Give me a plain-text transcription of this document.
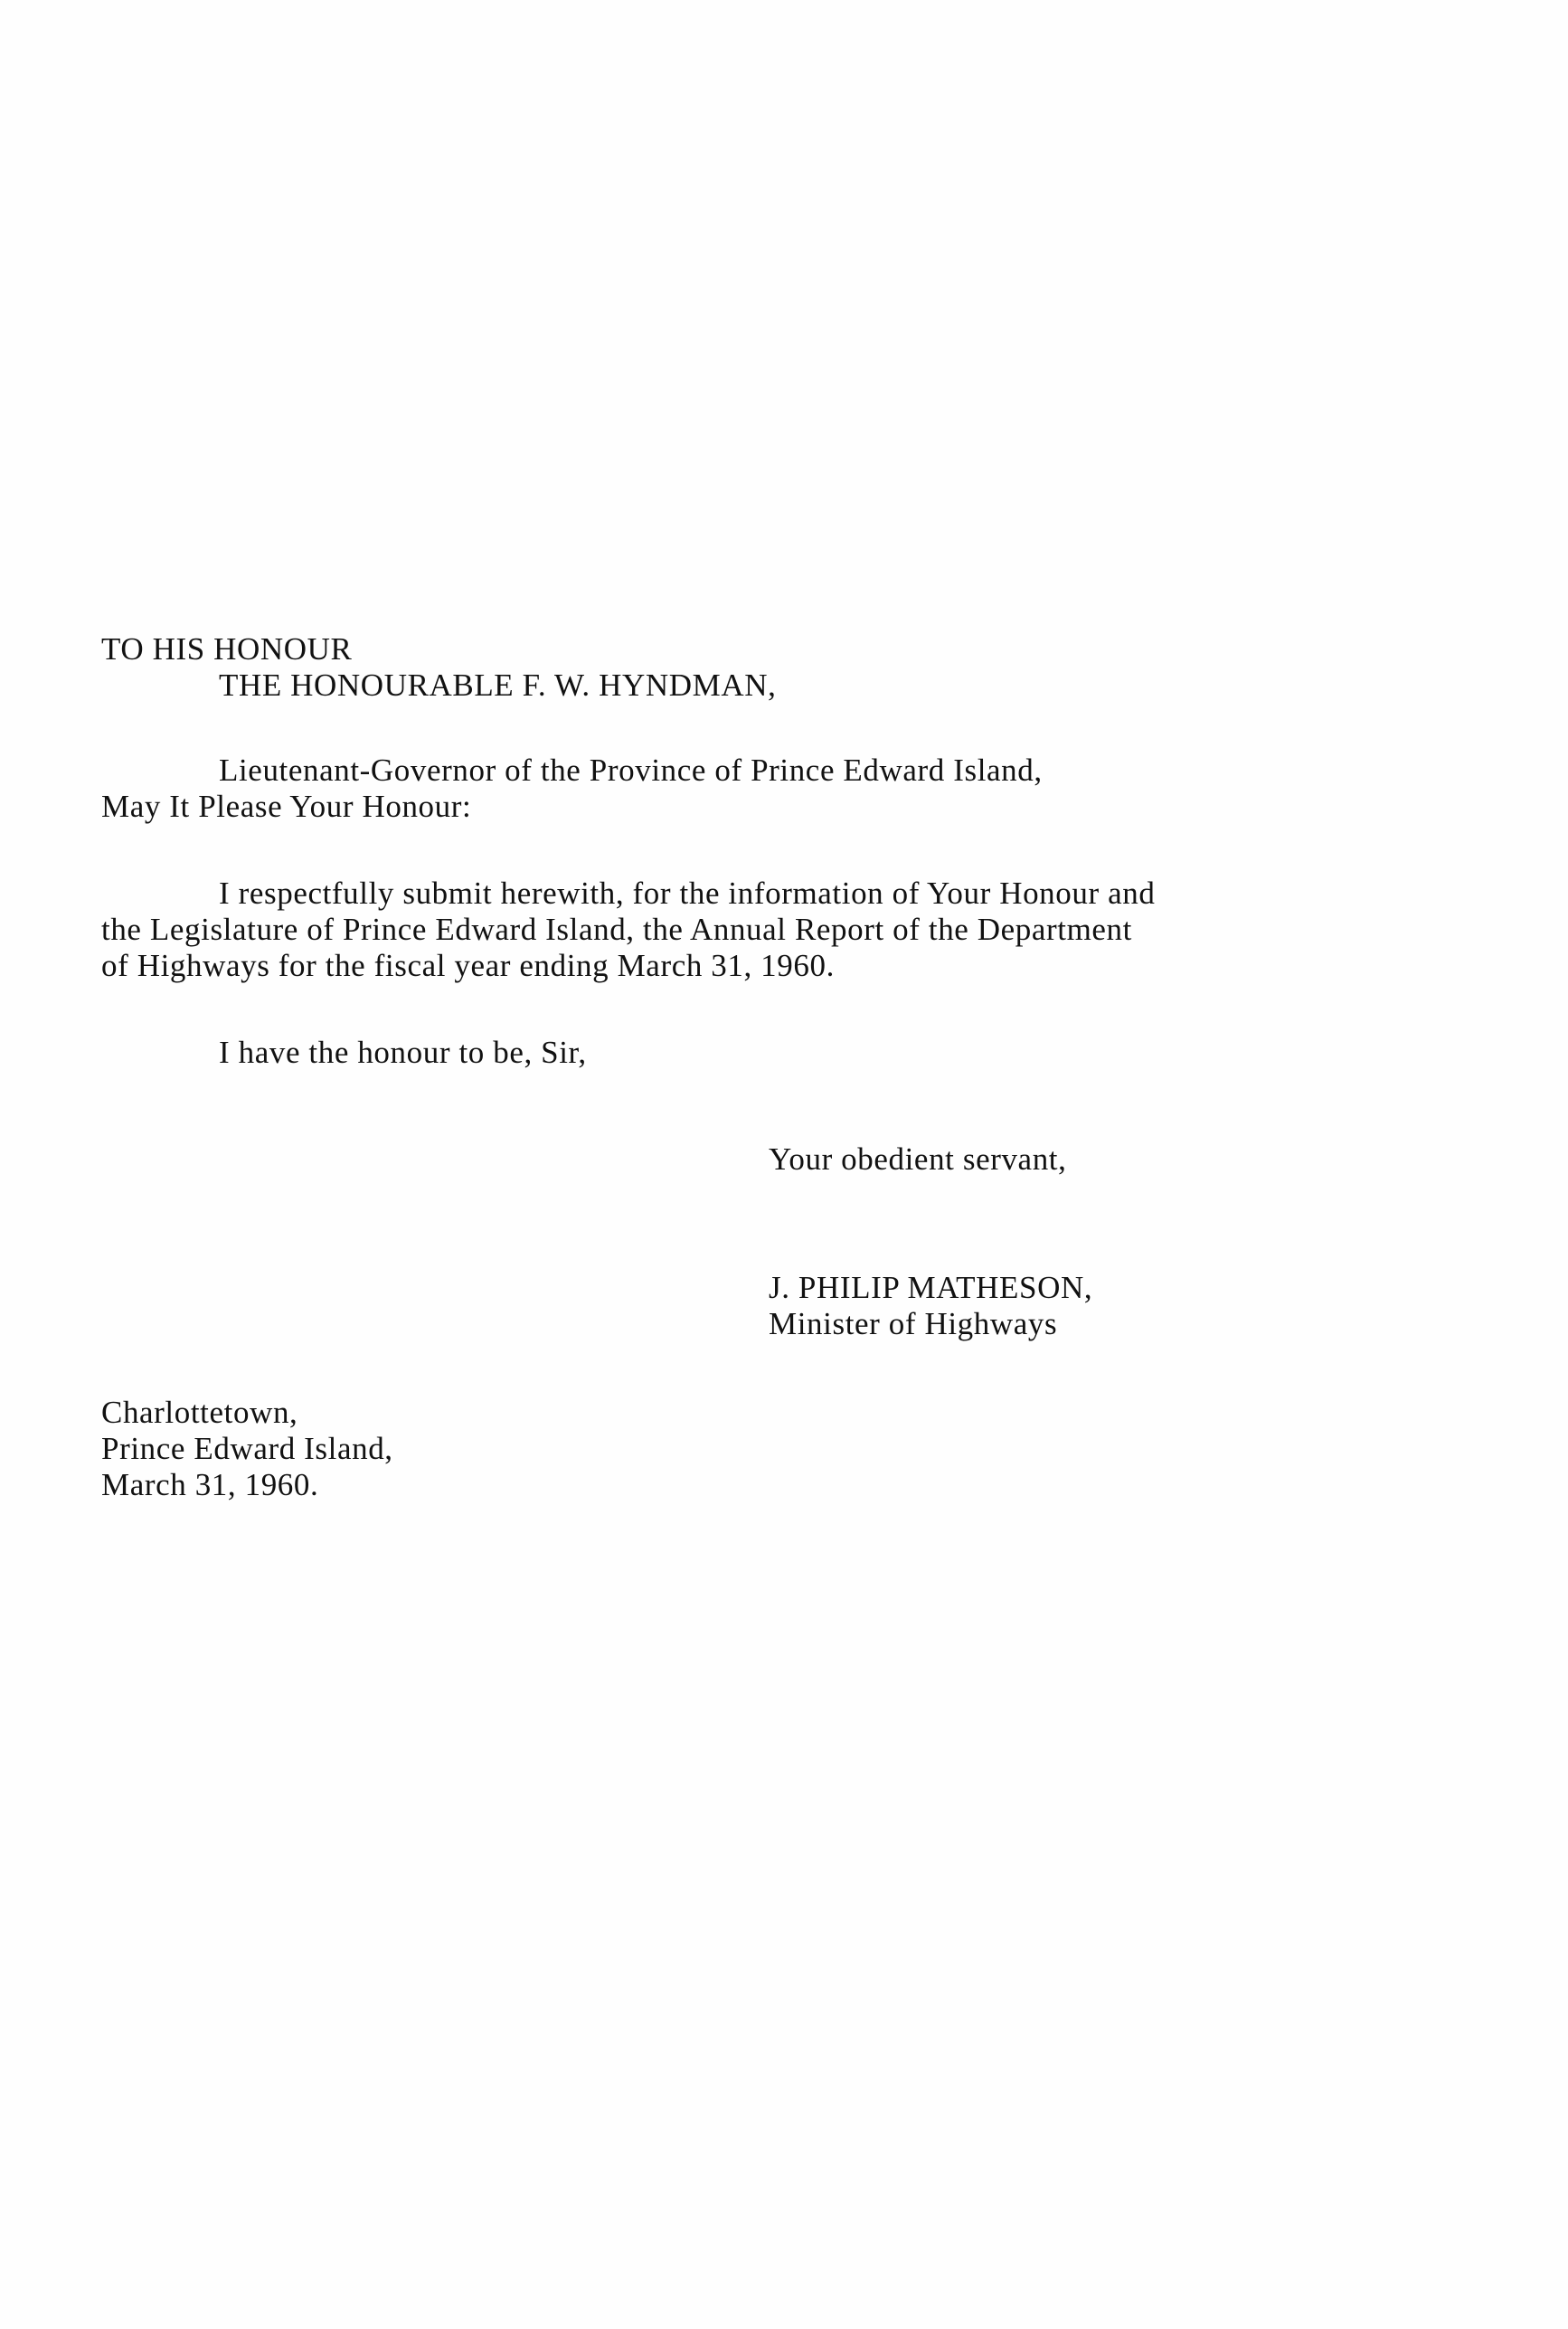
TO HIS HONOUR
THE HONOURABLE F. W. HYNDMAN,
Lieutenant-Governor of the Province of Prince Edward Island,
May It Please Your Honour:
I respectfully submit herewith, for the information of Your Honour and
the Legislature of Prince Edward Island, the Annual Report of the Department
of Highways for the fiscal year ending March 31, 1960.
I have the honour to be, Sir,
Your obedient servant,
J. PHILIP MATHESON,
Minister of Highways
Charlottetown,
Prince Edward Island,
March 31, 1960.
